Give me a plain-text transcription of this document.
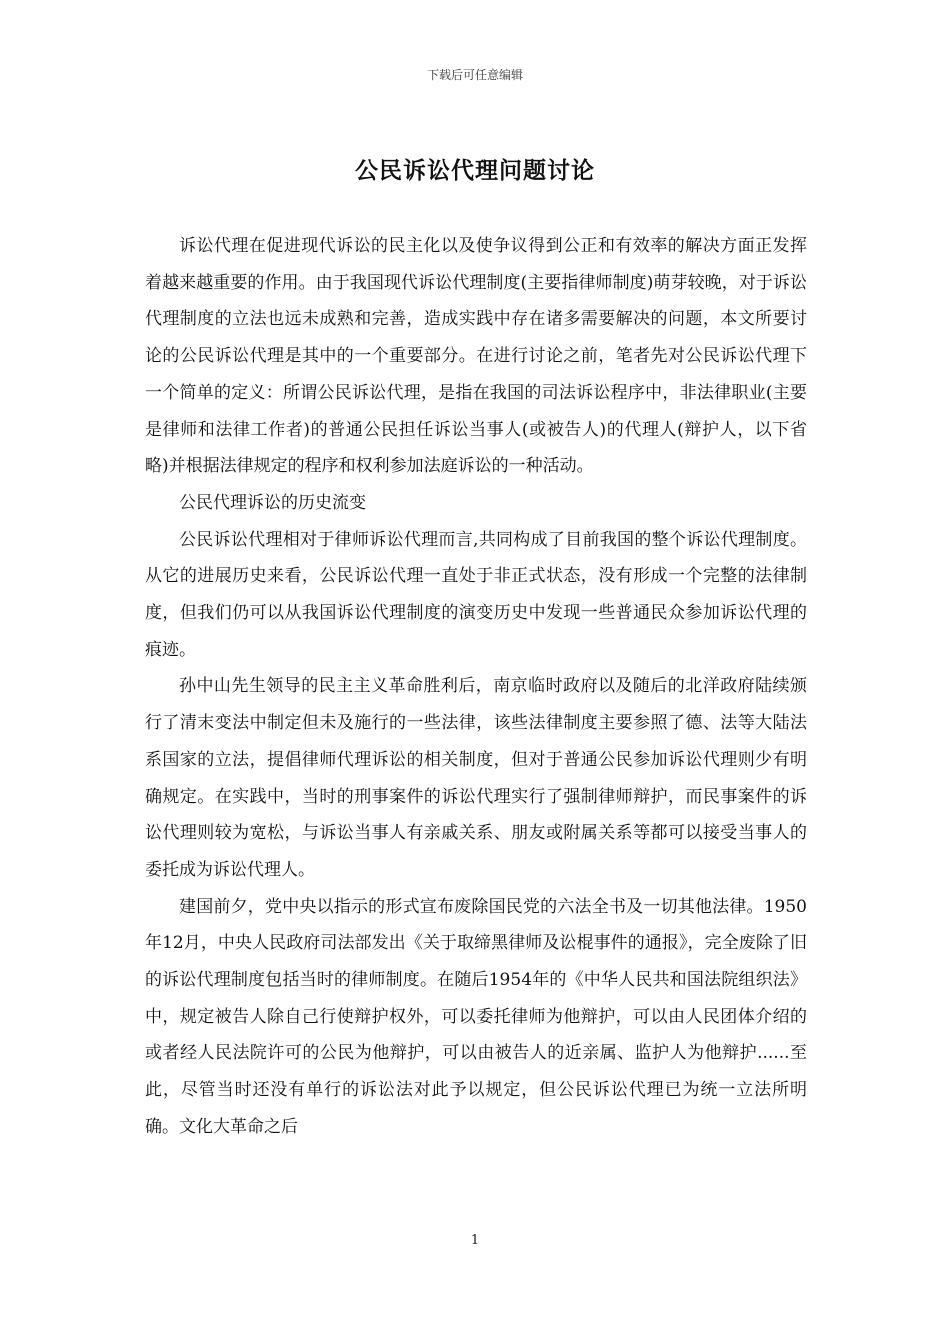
下载后可任意编辑
公民诉讼代理问题讨论

诉讼代理在促进现代诉讼的民主化以及使争议得到公正和有效率的解决方面正发挥着越来越重要的作用。由于我国现代诉讼代理制度(主要指律师制度)萌芽较晚，对于诉讼代理制度的立法也远未成熟和完善，造成实践中存在诸多需要解决的问题，本文所要讨论的公民诉讼代理是其中的一个重要部分。在进行讨论之前，笔者先对公民诉讼代理下一个简单的定义：所谓公民诉讼代理，是指在我国的司法诉讼程序中，非法律职业(主要是律师和法律工作者)的普通公民担任诉讼当事人(或被告人)的代理人(辩护人，以下省略)并根据法律规定的程序和权利参加法庭诉讼的一种活动。

公民代理诉讼的历史流变

公民诉讼代理相对于律师诉讼代理而言,共同构成了目前我国的整个诉讼代理制度。从它的进展历史来看，公民诉讼代理一直处于非正式状态，没有形成一个完整的法律制度，但我们仍可以从我国诉讼代理制度的演变历史中发现一些普通民众参加诉讼代理的痕迹。

孙中山先生领导的民主主义革命胜利后，南京临时政府以及随后的北洋政府陆续颁行了清末变法中制定但未及施行的一些法律，该些法律制度主要参照了德、法等大陆法系国家的立法，提倡律师代理诉讼的相关制度，但对于普通公民参加诉讼代理则少有明确规定。在实践中，当时的刑事案件的诉讼代理实行了强制律师辩护，而民事案件的诉讼代理则较为宽松，与诉讼当事人有亲戚关系、朋友或附属关系等都可以接受当事人的委托成为诉讼代理人。

建国前夕，党中央以指示的形式宣布废除国民党的六法全书及一切其他法律。1950年12月，中央人民政府司法部发出《关于取缔黑律师及讼棍事件的通报》，完全废除了旧的诉讼代理制度包括当时的律师制度。在随后1954年的《中华人民共和国法院组织法》中，规定被告人除自己行使辩护权外，可以委托律师为他辩护，可以由人民团体介绍的或者经人民法院许可的公民为他辩护，可以由被告人的近亲属、监护人为他辩护......至此，尽管当时还没有单行的诉讼法对此予以规定，但公民诉讼代理已为统一立法所明确。文化大革命之后

1
